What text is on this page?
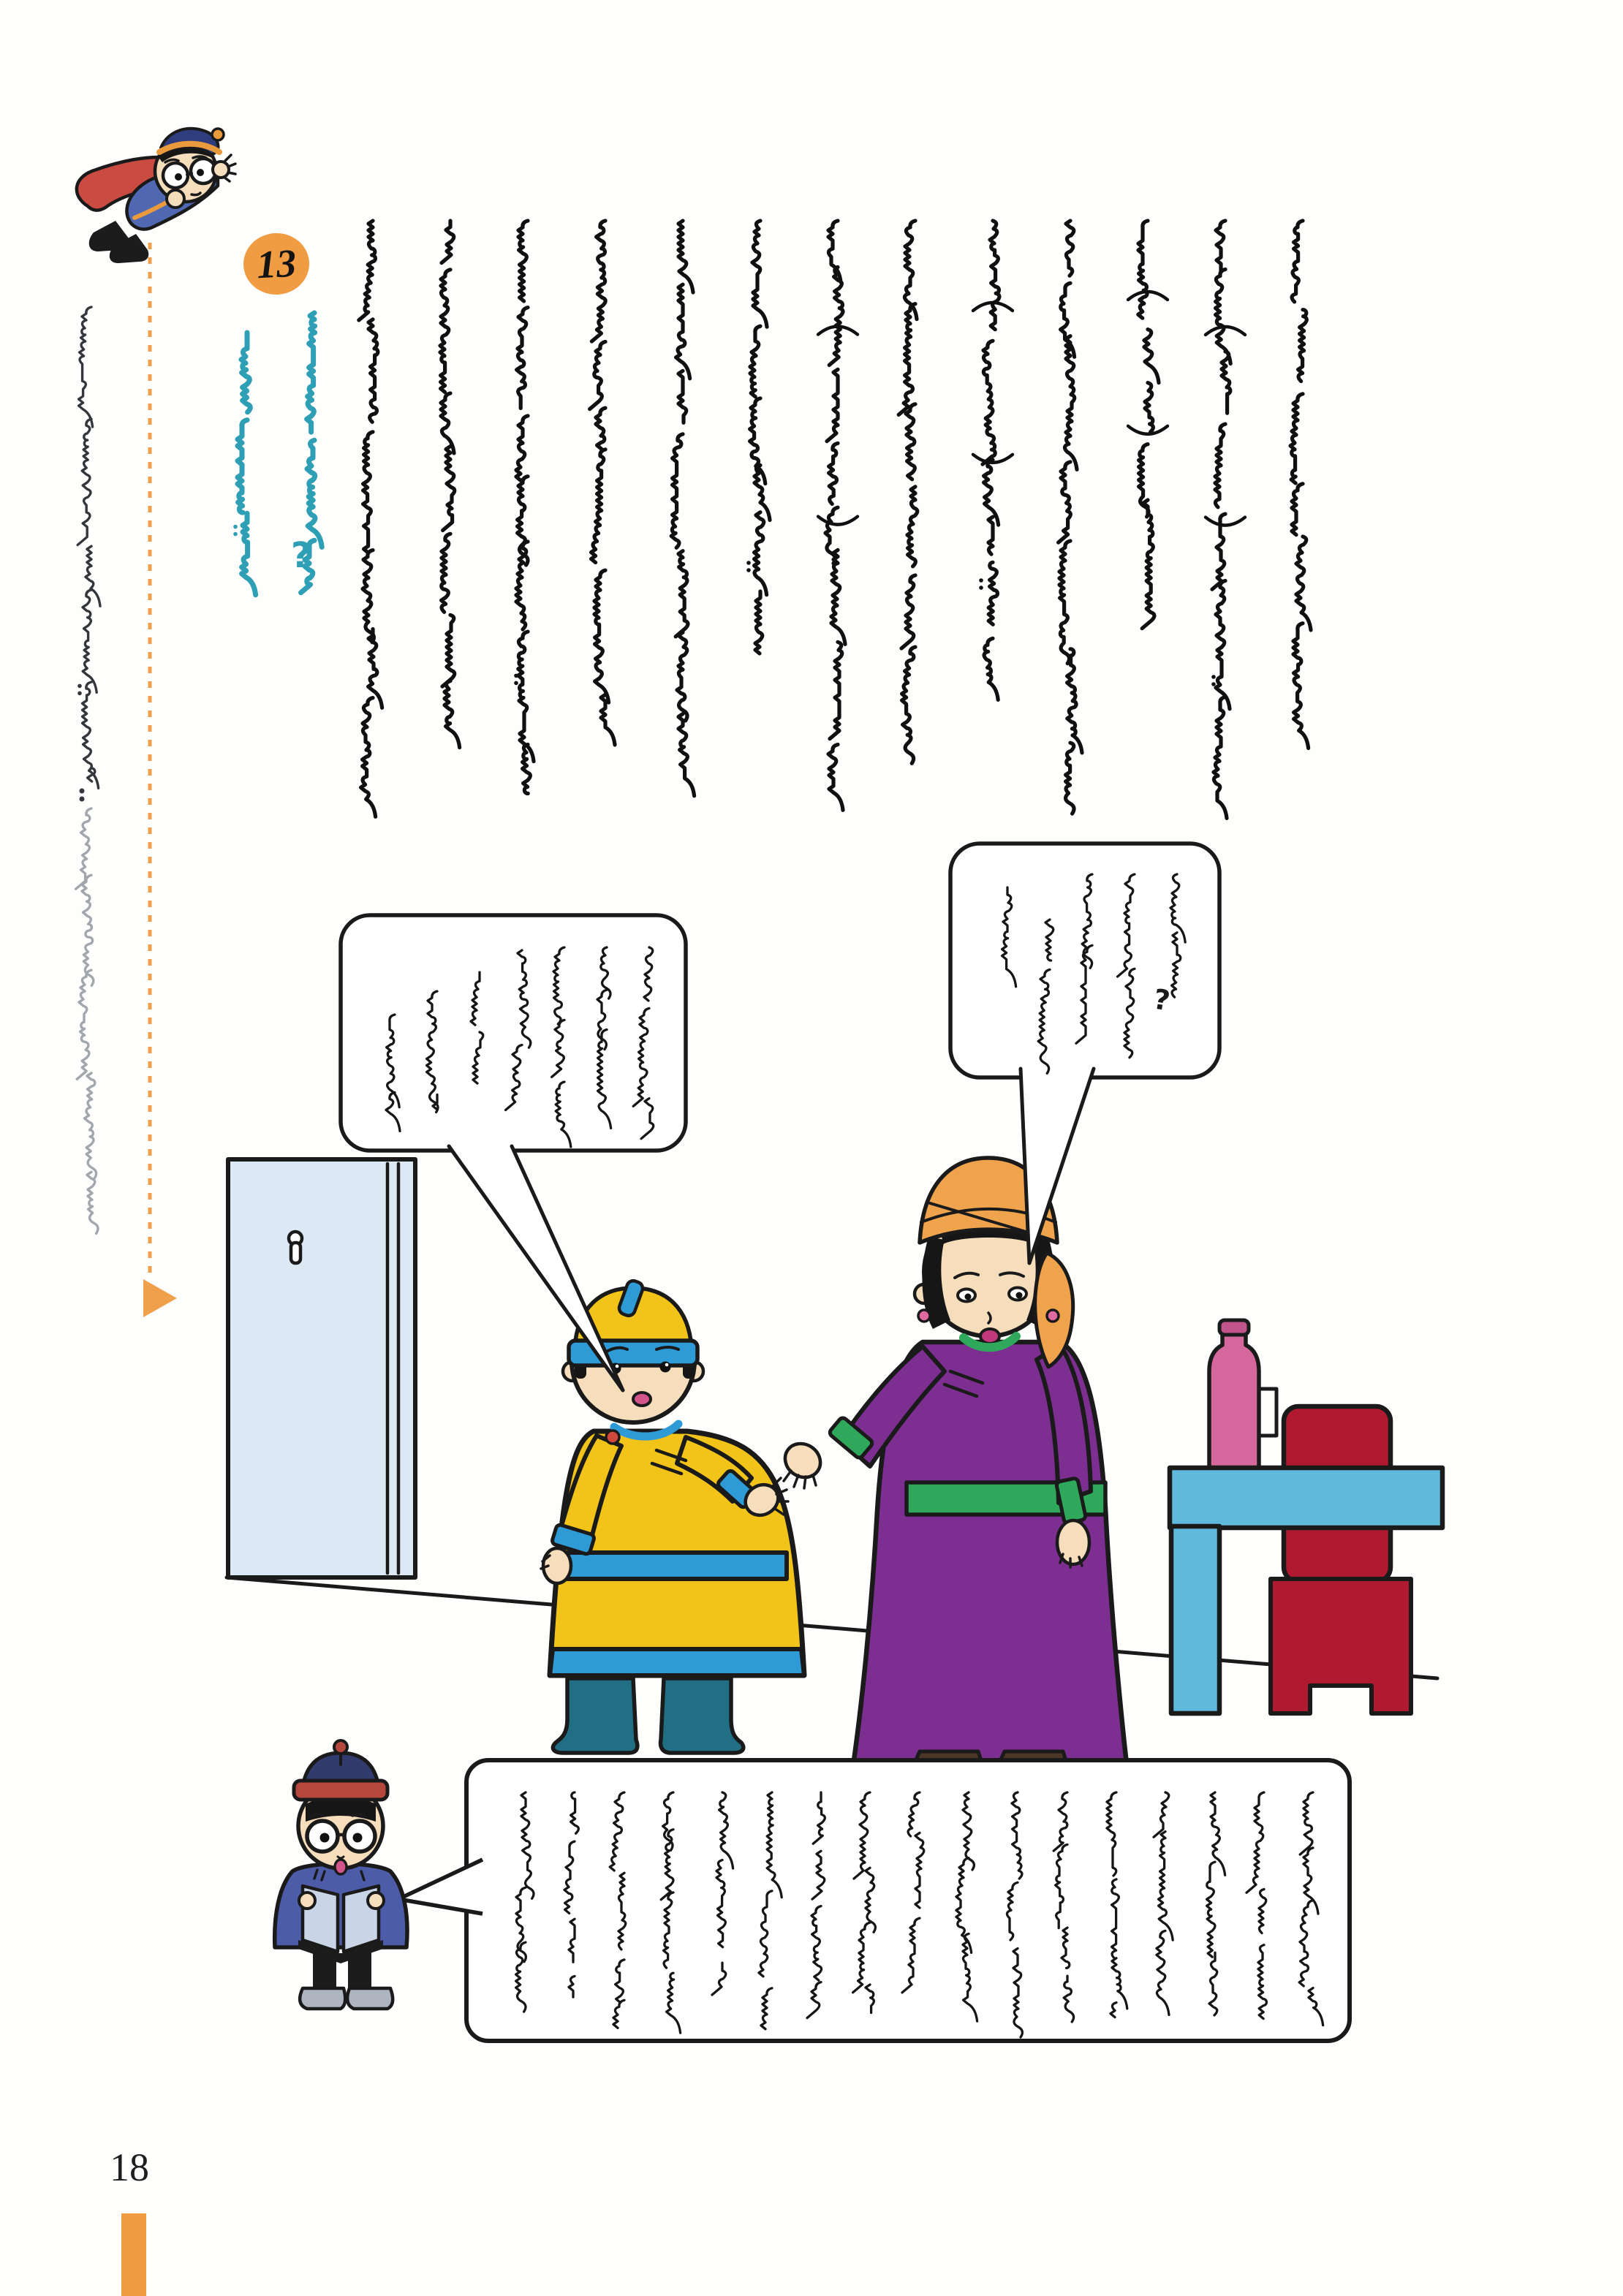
13
?
?
18
